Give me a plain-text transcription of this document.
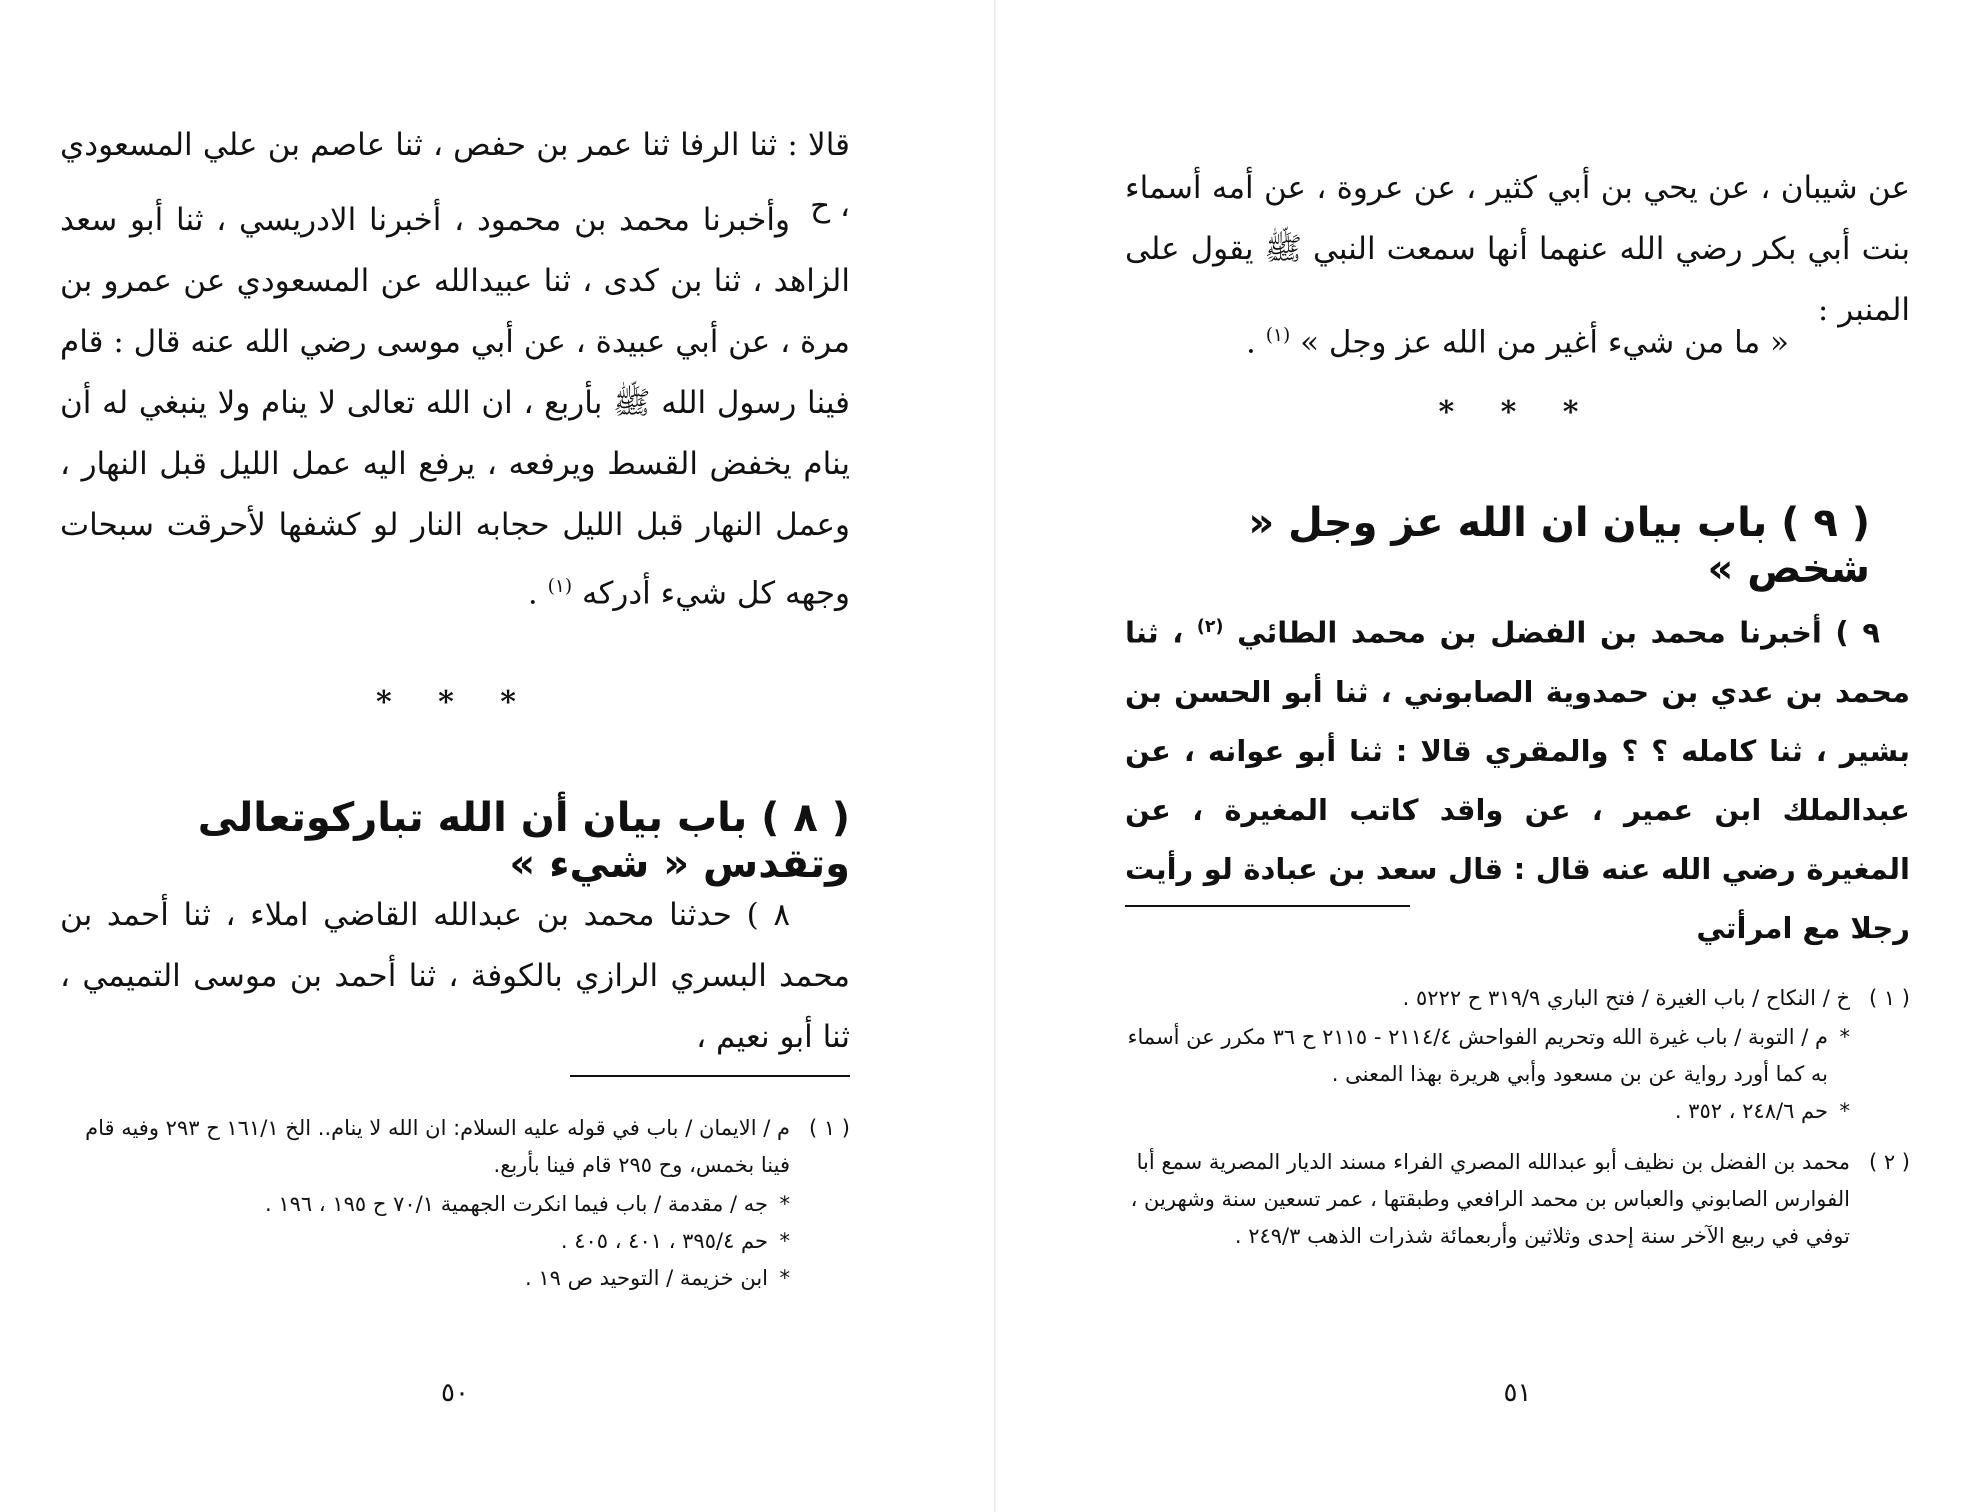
قالا : ثنا الرفا ثنا عمر بن حفص ، ثنا عاصم بن علي المسعودي ، ح

وأخبرنا محمد بن محمود ، أخبرنا الادريسي ، ثنا أبو سعد الزاهد ، ثنا بن كدى ، ثنا عبيدالله عن المسعودي عن عمرو بن مرة ، عن أبي عبيدة ، عن أبي موسى رضي الله عنه قال : قام فينا رسول الله ﷺ بأربع ، ان الله تعالى لا ينام ولا ينبغي له أن ينام يخفض القسط ويرفعه ، يرفع اليه عمل الليل قبل النهار ، وعمل النهار قبل الليل حجابه النار لو كشفها لأحرقت سبحات وجهه كل شيء أدركه $^{(١)}$ .

* * *
( ٨ ) باب بيان أن الله تباركوتعالى وتقدس « شيء »

٨ ) حدثنا محمد بن عبدالله القاضي املاء ، ثنا أحمد بن محمد البسري الرازي بالكوفة ، ثنا أحمد بن موسى التميمي ، ثنا أبو نعيم ،

( ١ )
م / الايمان / باب في قوله عليه السلام: ان الله لا ينام.. الخ ١٦١/١ ح ٢٩٣ وفيه قام فينا بخمس، وح ٢٩٥ قام فينا بأربع.

*
جه / مقدمة / باب فيما انكرت الجهمية ٧٠/١ ح ١٩٥ ، ١٩٦ .

*
حم ٣٩٥/٤ ، ٤٠١ ، ٤٠٥ .

*
ابن خزيمة / التوحيد ص ١٩ .

٥٠

عن شيبان ، عن يحي بن أبي كثير ، عن عروة ، عن أمه أسماء بنت أبي بكر رضي الله عنهما أنها سمعت النبي ﷺ يقول على المنبر :

« ما من شيء أغير من الله عز وجل » $^{(١)}$ .

* * *
( ٩ ) باب بيان ان الله عز وجل « شخص »

٩ ) أخبرنا محمد بن الفضل بن محمد الطائي $^{(٢)}$ ، ثنا محمد بن عدي بن حمدوية الصابوني ، ثنا أبو الحسن بن بشير ، ثنا كامله ؟ ؟ والمقري قالا : ثنا أبو عوانه ، عن عبدالملك ابن عمير ، عن واقد كاتب المغيرة ، عن المغيرة رضي الله عنه قال : قال سعد بن عبادة لو رأيت رجلا مع امرأتي

( ١ )
خ / النكاح / باب الغيرة / فتح الباري ٣١٩/٩ ح ٥٢٢٢ .

*
م / التوبة / باب غيرة الله وتحريم الفواحش ٢١١٤/٤ - ٢١١٥ ح ٣٦ مكرر عن أسماء به كما أورد رواية عن بن مسعود وأبي هريرة بهذا المعنى .

*
حم ٢٤٨/٦ ، ٣٥٢ .

( ٢ )
محمد بن الفضل بن نظيف أبو عبدالله المصري الفراء مسند الديار المصرية سمع أبا الفوارس الصابوني والعباس بن محمد الرافعي وطبقتها ، عمر تسعين سنة وشهرين ، توفي في ربيع الآخر سنة إحدى وثلاثين وأربعمائة شذرات الذهب ٢٤٩/٣ .
٥١
